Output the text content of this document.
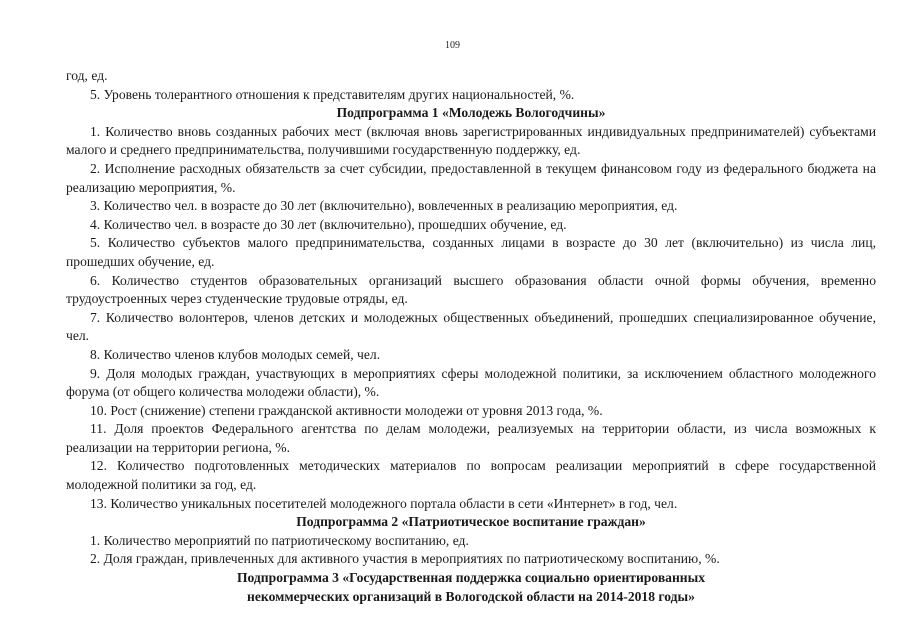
109
год, ед.
5. Уровень толерантного отношения к представителям других национальностей, %.
Подпрограмма 1 «Молодежь Вологодчины»
1. Количество вновь созданных рабочих мест (включая вновь зарегистрированных индивидуальных предпринимателей) субъектами малого и среднего предпринимательства, получившими государственную поддержку, ед.
2. Исполнение расходных обязательств за счет субсидии, предоставленной в текущем финансовом году из федерального бюджета на реализацию мероприятия, %.
3. Количество чел. в возрасте до 30 лет (включительно), вовлеченных в реализацию мероприятия, ед.
4. Количество чел. в возрасте до 30 лет (включительно), прошедших обучение, ед.
5. Количество субъектов малого предпринимательства, созданных лицами в возрасте до 30 лет (включительно) из числа лиц, прошедших обучение, ед.
6. Количество студентов образовательных организаций высшего образования области очной формы обучения, временно трудоустроенных через студенческие трудовые отряды, ед.
7. Количество волонтеров, членов детских и молодежных общественных объединений, прошедших специализированное обучение, чел.
8. Количество членов клубов молодых семей, чел.
9. Доля молодых граждан, участвующих в мероприятиях сферы молодежной политики, за исключением областного молодежного форума (от общего количества молодежи области), %.
10. Рост (снижение) степени гражданской активности молодежи от уровня 2013 года, %.
11. Доля проектов Федерального агентства по делам молодежи, реализуемых на территории области, из числа возможных к реализации на территории региона, %.
12. Количество подготовленных методических материалов по вопросам реализации мероприятий в сфере государственной молодежной политики за год, ед.
13. Количество уникальных посетителей молодежного портала области в сети «Интернет» в год, чел.
Подпрограмма 2 «Патриотическое воспитание граждан»
1. Количество мероприятий по патриотическому воспитанию, ед.
2. Доля граждан, привлеченных для активного участия в мероприятиях по патриотическому воспитанию, %.
Подпрограмма 3 «Государственная поддержка социально ориентированных
некоммерческих организаций в Вологодской области на 2014-2018 годы»
